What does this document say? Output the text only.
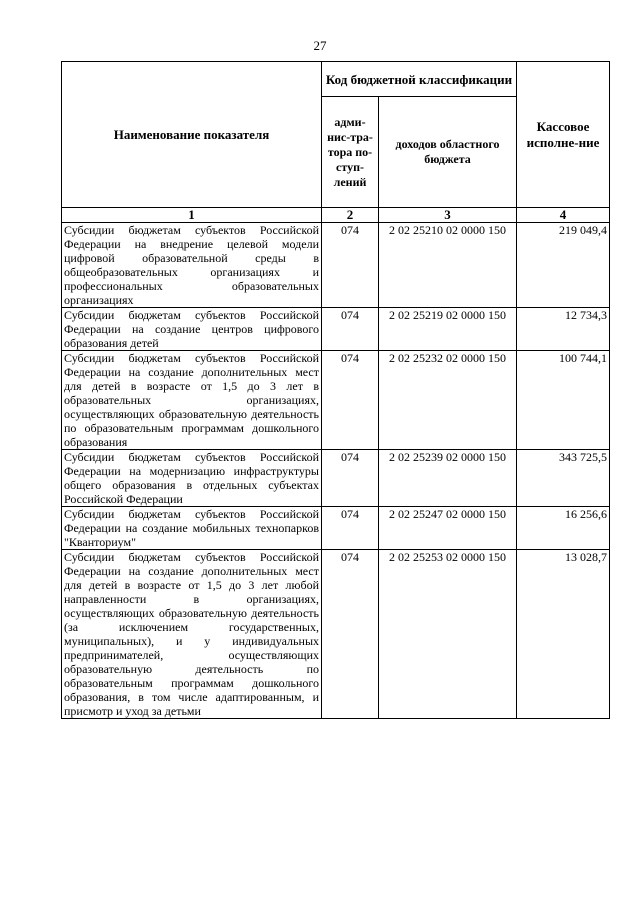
27
Наименование показателя	Код бюджетной классификации		Кассовое исполне-ние
	адми-нис-тра-тора по-ступ-лений	доходов областного бюджета	
1	2	3	4
Субсидии бюджетам субъектов Российской Федерации на внедрение целевой модели цифровой образовательной среды в общеобразовательных организациях и профессиональных образовательных организациях	074	2 02 25210 02 0000 150	219 049,4
Субсидии бюджетам субъектов Российской Федерации на создание центров цифрового образования детей	074	2 02 25219 02 0000 150	12 734,3
Субсидии бюджетам субъектов Российской Федерации на создание дополнительных мест для детей в возрасте от 1,5 до 3 лет в образовательных организациях, осуществляющих образовательную деятельность по образовательным программам дошкольного образования	074	2 02 25232 02 0000 150	100 744,1
Субсидии бюджетам субъектов Российской Федерации на модернизацию инфраструктуры общего образования в отдельных субъектах Российской Федерации	074	2 02 25239 02 0000 150	343 725,5
Субсидии бюджетам субъектов Российской Федерации на создание мобильных технопарков "Кванториум"	074	2 02 25247 02 0000 150	16 256,6
Субсидии бюджетам субъектов Российской Федерации на создание дополнительных мест для детей в возрасте от 1,5 до 3 лет любой направленности в организациях, осуществляющих образовательную деятельность (за исключением государственных, муниципальных), и у индивидуальных предпринимателей, осуществляющих образовательную деятельность по образовательным программам дошкольного образования, в том числе адаптированным, и присмотр и уход за детьми	074	2 02 25253 02 0000 150	13 028,7
